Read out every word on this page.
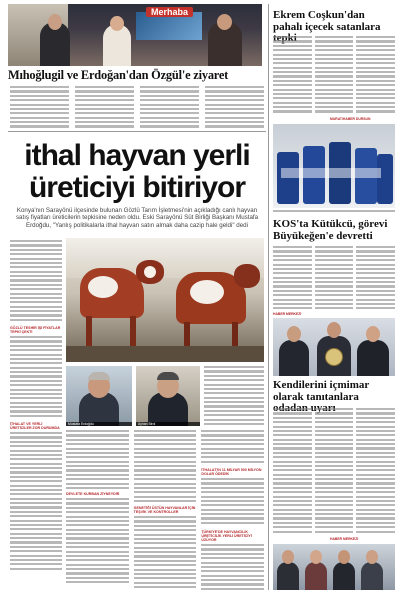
Merhaba
Mıhoğlugil ve Erdoğan'dan Özgül'e ziyaret
ithal hayvan yerli
üreticiyi bitiriyor
Konya'nın Sarayönü ilçesinde bulunan Gözlü Tarım İşletmesi'nin açıkladığı canlı hayvan satış fiyatları üreticilerin tepkisine neden oldu. Eski Sarayönü Süt Birliği Başkanı Mustafa Erdoğdu, "Yanlış politikalarla ithal hayvan satın almak daha cazip hale geldi" dedi
GÖZLÜ TESHİR İŞİ FİYATLAR TEPKİ ÇEKTİ
İTHALAT VE YERLİ ÜRETİCİLER ZOR DURUMDA
Mustafa Erdoğdu	Ayhan Birol
DEVLETE KURBAN ZİYNEYDİR
GENETİĞİ ÜSTÜN HAYVANLAR İÇİN TEŞVİK VE KONTROLLER
İTHALAT'IN 11 MİLYAR 500 MİLYON DOLAR ÖDEDİK
TÜRKİYE'DE HAYVANCILIK ÜRETİCİLİK YERLİ ÜRETİCİYİ ÜZÜYOR
Ekrem Coşkun'dan pahalı içecek satanlara
MURAT/HABER DURSUN
KOS'ta Kütükcü, görevi Büyükeğen'e devretti
HABER MERKEZİ
Kendilerini içmimar olarak tanıtanlara
HABER MERKEZİ
